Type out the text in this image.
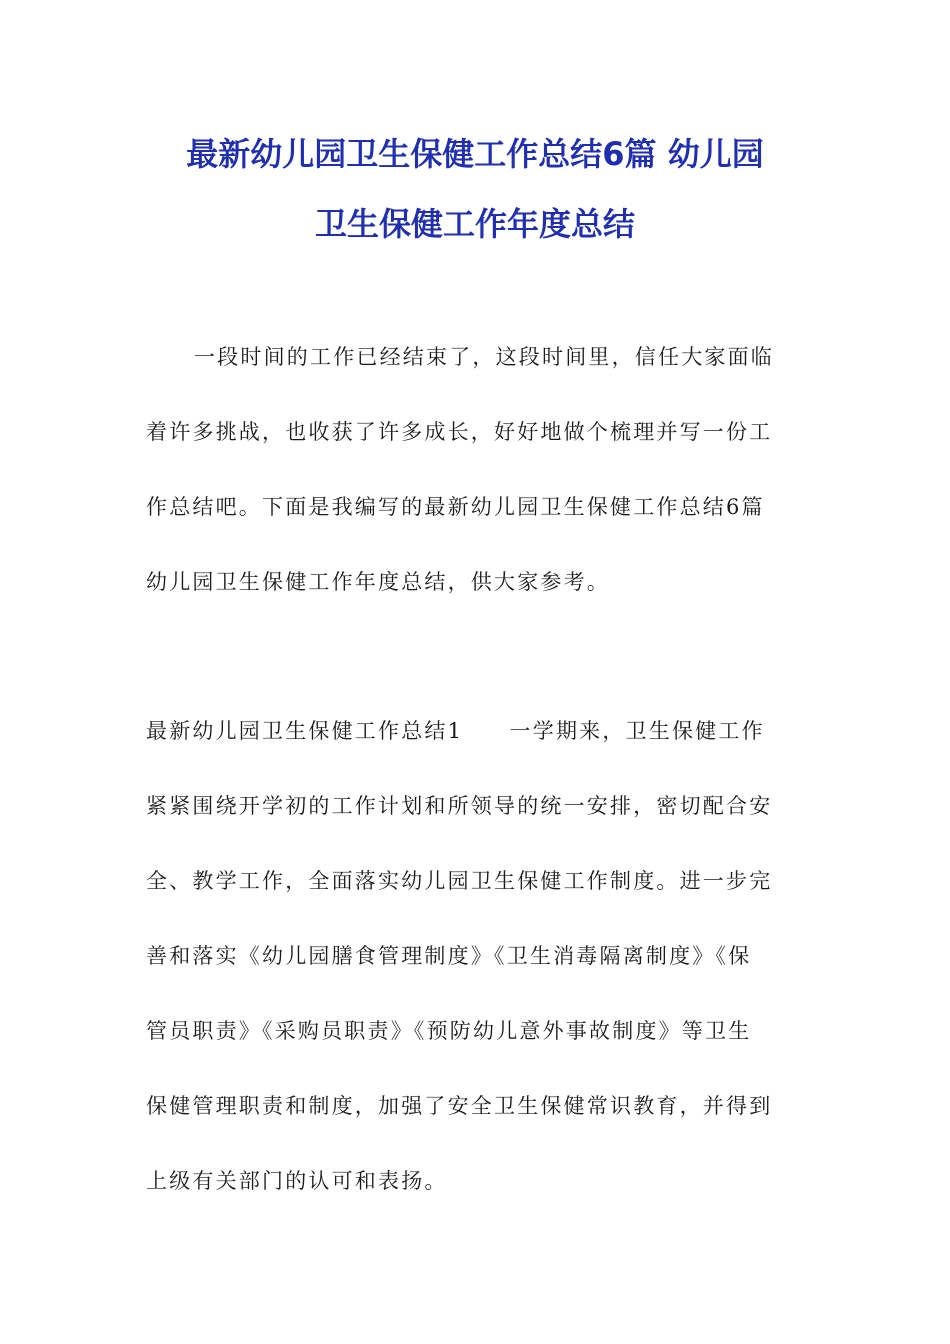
最新幼儿园卫生保健工作总结6篇 幼儿园
卫生保健工作年度总结
一段时间的工作已经结束了，这段时间里，信任大家面临
着许多挑战，也收获了许多成长，好好地做个梳理并写一份工
作总结吧。下面是我编写的最新幼儿园卫生保健工作总结6篇
幼儿园卫生保健工作年度总结，供大家参考。
最新幼儿园卫生保健工作总结1　　一学期来，卫生保健工作
紧紧围绕开学初的工作计划和所领导的统一安排，密切配合安
全、教学工作，全面落实幼儿园卫生保健工作制度。进一步完
善和落实《幼儿园膳食管理制度》《卫生消毒隔离制度》《保
管员职责》《采购员职责》《预防幼儿意外事故制度》等卫生
保健管理职责和制度，加强了安全卫生保健常识教育，并得到
上级有关部门的认可和表扬。
